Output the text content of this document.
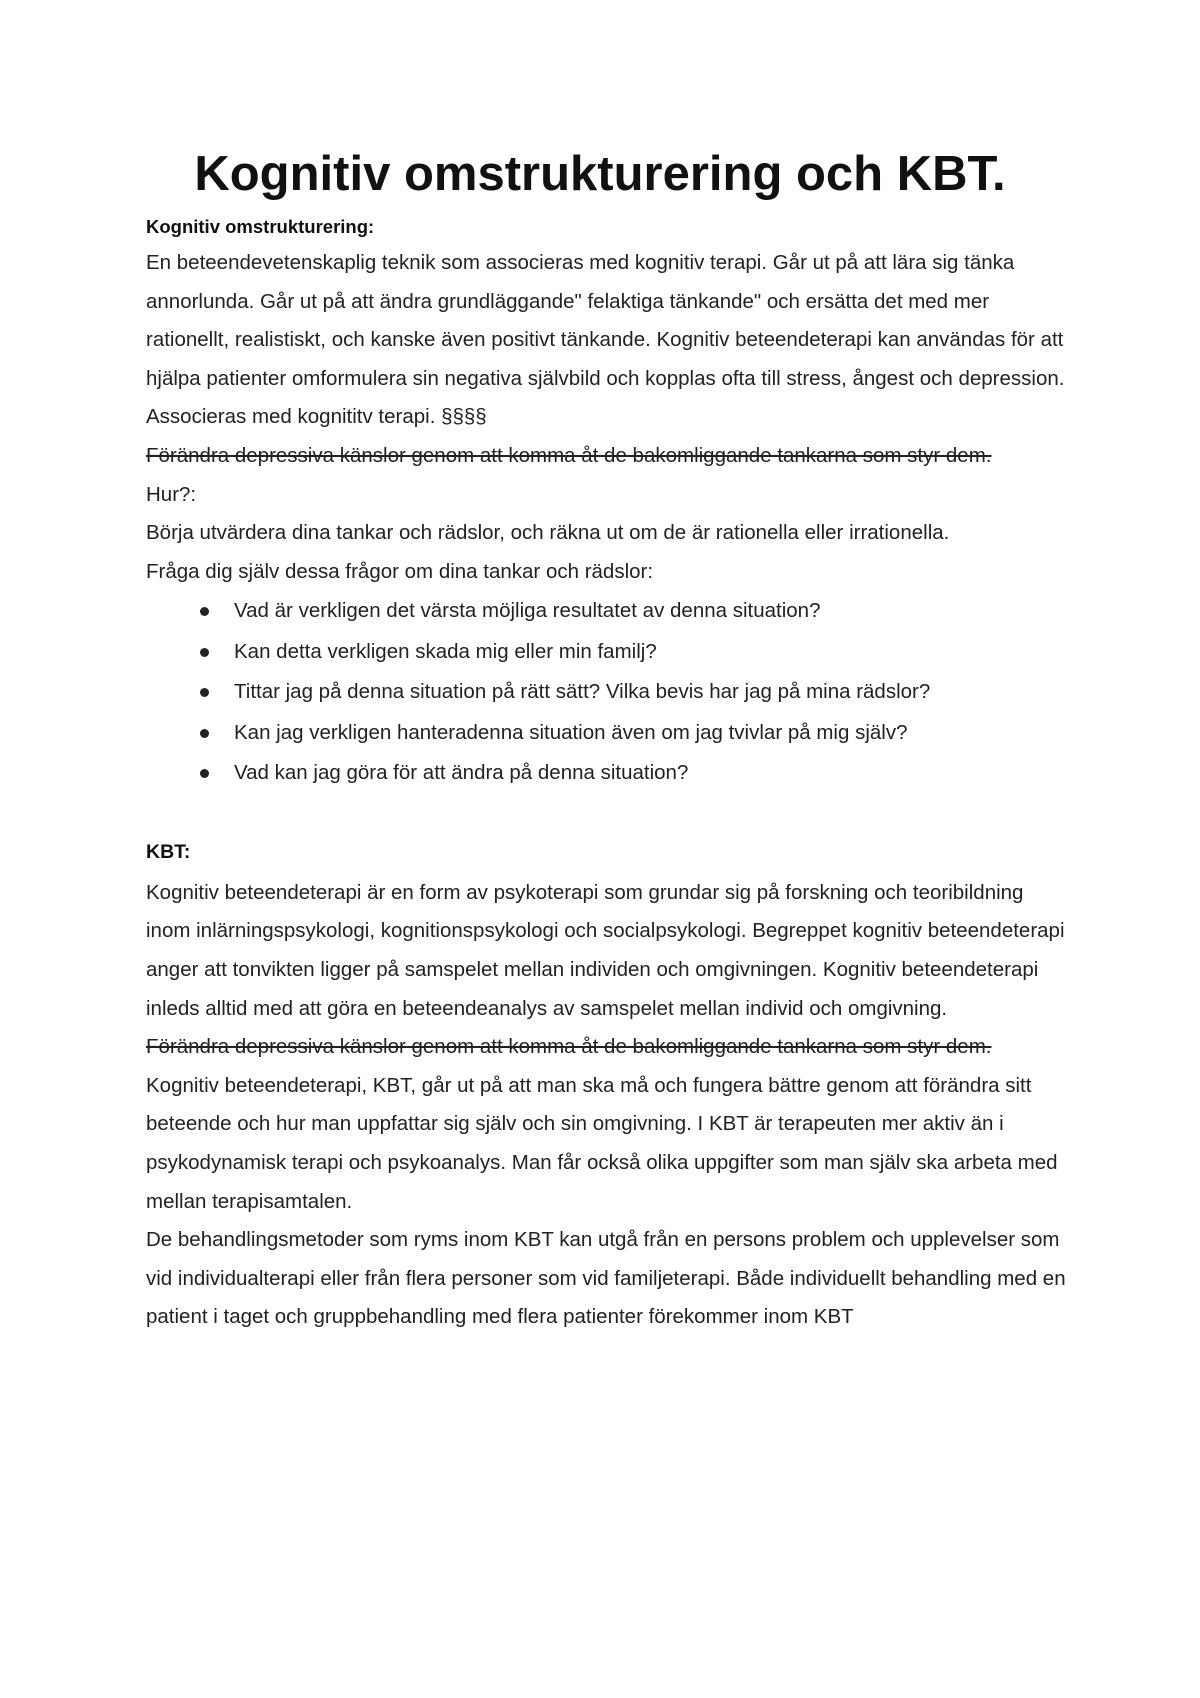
Kognitiv omstrukturering och KBT.

Kognitiv omstrukturering:

En beteendevetenskaplig teknik som associeras med kognitiv terapi. Går ut på att lära sig tänka annorlunda. Går ut på att ändra grundläggande" felaktiga tänkande" och ersätta det med mer rationellt, realistiskt, och kanske även positivt tänkande. Kognitiv beteendeterapi kan användas för att hjälpa patienter omformulera sin negativa självbild och kopplas ofta till stress, ångest och depression.

Associeras med kognititv terapi. §§§§

Förändra depressiva känslor genom att komma åt de bakomliggande tankarna som styr dem.

Hur?:

Börja utvärdera dina tankar och rädslor, och räkna ut om de är rationella eller irrationella.

Fråga dig själv dessa frågor om dina tankar och rädslor:

Vad är verkligen det värsta möjliga resultatet av denna situation?
Kan detta verkligen skada mig eller min familj?
Tittar jag på denna situation på rätt sätt? Vilka bevis har jag på mina rädslor?
Kan jag verkligen hanteradenna situation även om jag tvivlar på mig själv?
Vad kan jag göra för att ändra på denna situation?

KBT:

Kognitiv beteendeterapi är en form av psykoterapi som grundar sig på forskning och teoribildning inom inlärningspsykologi, kognitionspsykologi och socialpsykologi. Begreppet kognitiv beteendeterapi anger att tonvikten ligger på samspelet mellan individen och omgivningen. Kognitiv beteendeterapi inleds alltid med att göra en beteendeanalys av samspelet mellan individ och omgivning.

Förändra depressiva känslor genom att komma åt de bakomliggande tankarna som styr dem.

Kognitiv beteendeterapi, KBT, går ut på att man ska må och fungera bättre genom att förändra sitt beteende och hur man uppfattar sig själv och sin omgivning. I KBT är terapeuten mer aktiv än i psykodynamisk terapi och psykoanalys. Man får också olika uppgifter som man själv ska arbeta med mellan terapisamtalen.

De behandlingsmetoder som ryms inom KBT kan utgå från en persons problem och upplevelser som vid individualterapi eller från flera personer som vid familjeterapi. Både individuellt behandling med en patient i taget och gruppbehandling med flera patienter förekommer inom KBT
